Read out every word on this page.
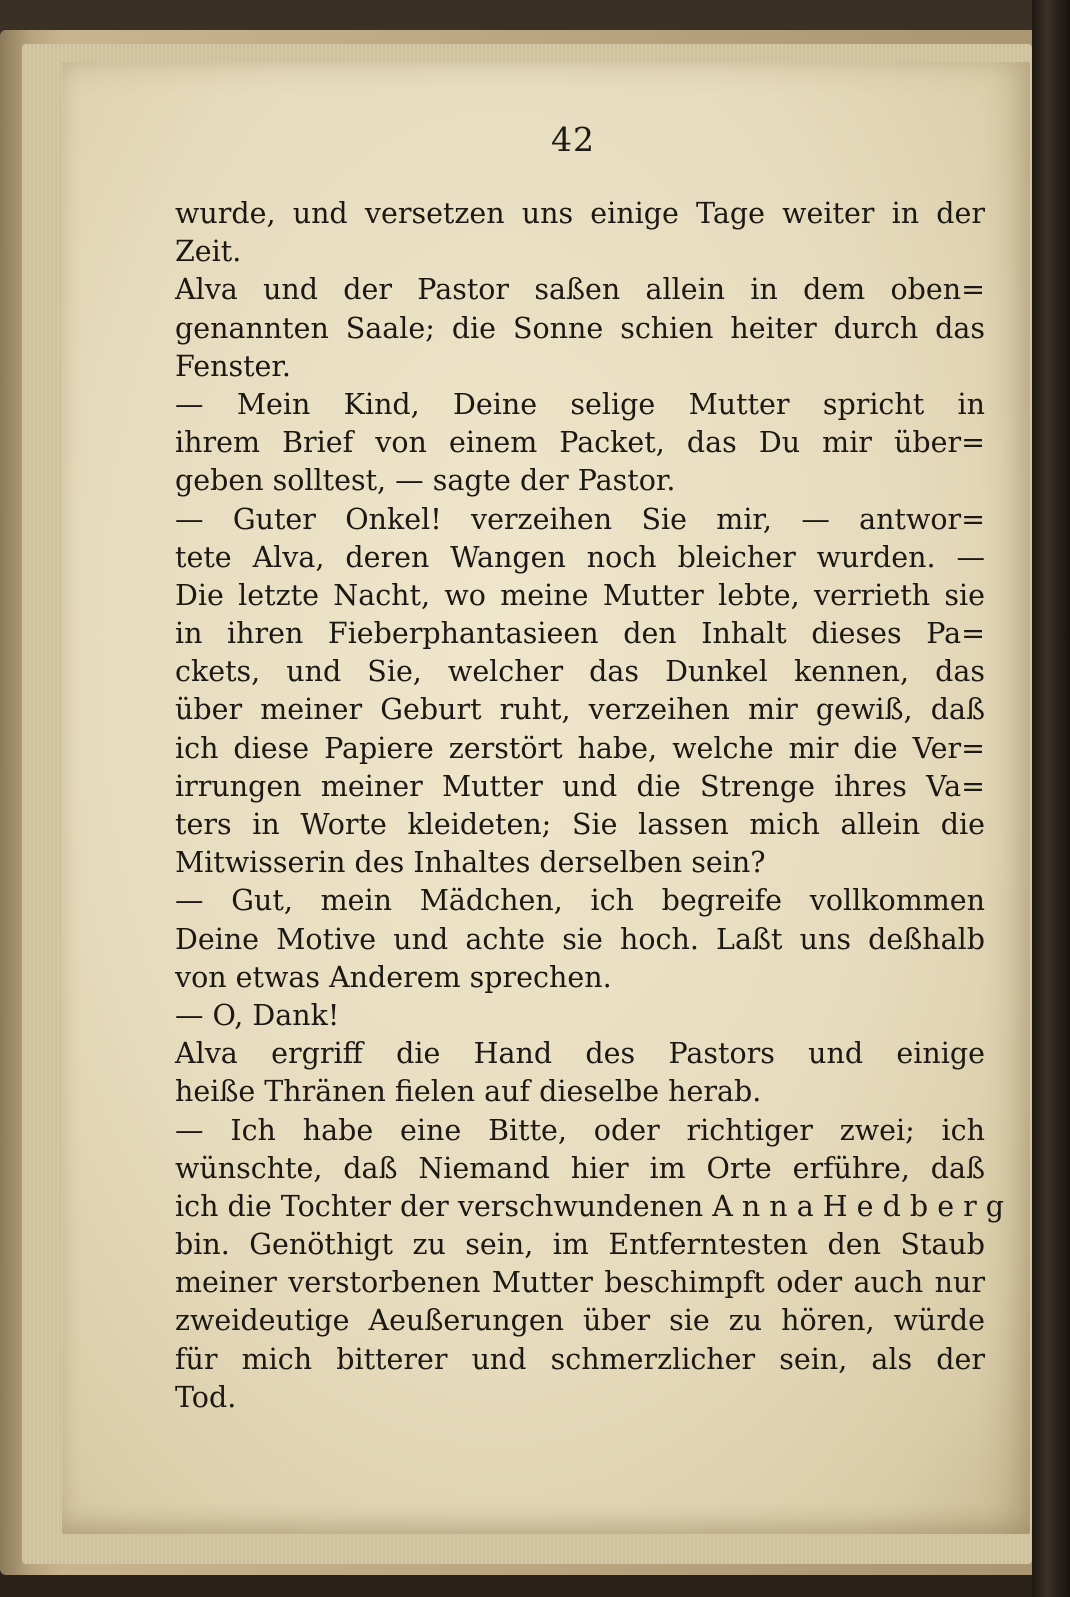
42
wurde, und versetzen uns einige Tage weiter in der
Zeit.
Alva und der Pastor saßen allein in dem oben=
genannten Saale; die Sonne schien heiter durch das
Fenster.
— Mein Kind, Deine selige Mutter spricht in
ihrem Brief von einem Packet, das Du mir über=
geben solltest, — sagte der Pastor.
— Guter Onkel! verzeihen Sie mir, — antwor=
tete Alva, deren Wangen noch bleicher wurden. —
Die letzte Nacht, wo meine Mutter lebte, verrieth sie
in ihren Fieberphantasieen den Inhalt dieses Pa=
ckets, und Sie, welcher das Dunkel kennen, das
über meiner Geburt ruht, verzeihen mir gewiß, daß
ich diese Papiere zerstört habe, welche mir die Ver=
irrungen meiner Mutter und die Strenge ihres Va=
ters in Worte kleideten; Sie lassen mich allein die
Mitwisserin des Inhaltes derselben sein?
— Gut, mein Mädchen, ich begreife vollkommen
Deine Motive und achte sie hoch. Laßt uns deßhalb
von etwas Anderem sprechen.
— O, Dank!
Alva ergriff die Hand des Pastors und einige
heiße Thränen fielen auf dieselbe herab.
— Ich habe eine Bitte, oder richtiger zwei; ich
wünschte, daß Niemand hier im Orte erführe, daß
ich die Tochter der verschwundenen A n n a H e d b e r g
bin. Genöthigt zu sein, im Entferntesten den Staub
meiner verstorbenen Mutter beschimpft oder auch nur
zweideutige Aeußerungen über sie zu hören, würde
für mich bitterer und schmerzlicher sein, als der
Tod.
